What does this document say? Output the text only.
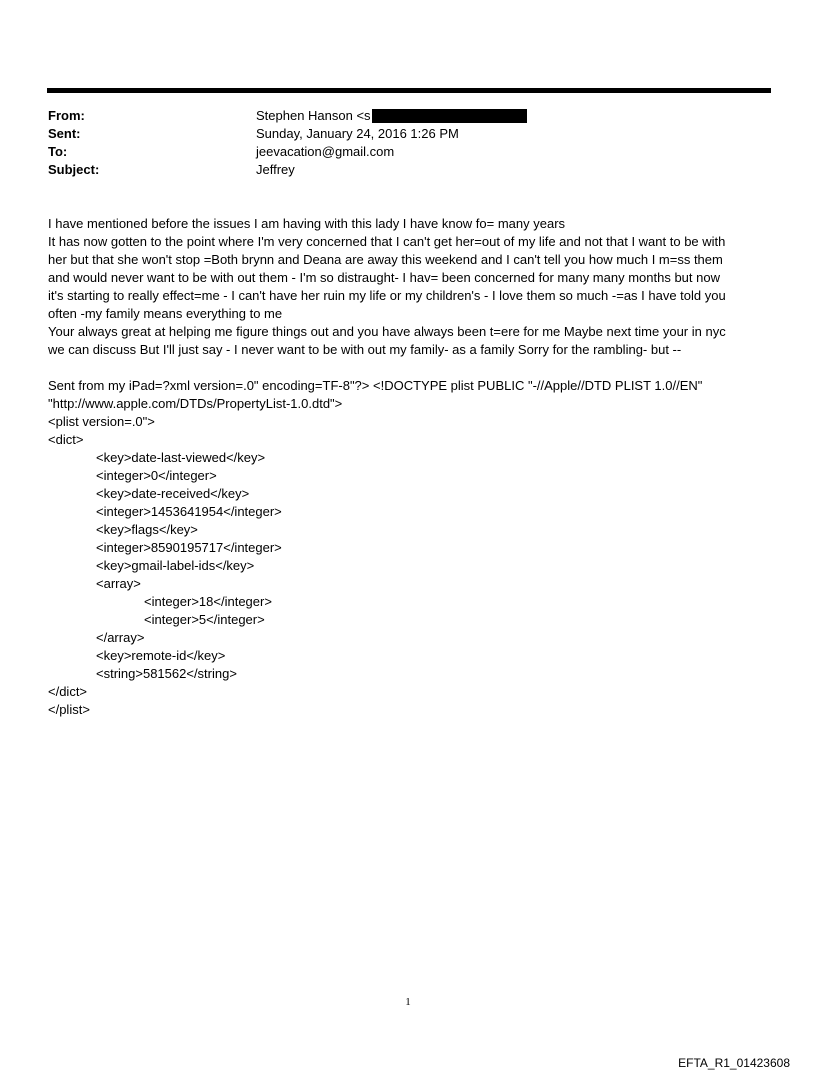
From:	Stephen Hanson <s
Sent:	Sunday, January 24, 2016 1:26 PM
To:	jeevacation@gmail.com
Subject:	Jeffrey

I have mentioned before the issues I am having with this lady I have know fo= many years

It has now gotten to the point where I'm very concerned that I can't get her=out of my life and not that I want to be with

her but that she won't stop =Both brynn and Deana are away this weekend and I can't tell you how much I m=ss them

and would never want to be with out them - I'm so distraught- I hav= been concerned for many many months but now

it's starting to really effect=me - I can't have her ruin my life or my children's - I love them so much -=as I have told you

often -my family means everything to me

Your always great at helping me figure things out and you have always been t=ere for me Maybe next time your in nyc

we can discuss But I'll just say - I never want to be with out my family- as a family Sorry for the rambling- but --

Sent from my iPad=?xml version=.0" encoding=TF-8"?> <!DOCTYPE plist PUBLIC "-//Apple//DTD PLIST 1.0//EN"

"http://www.apple.com/DTDs/PropertyList-1.0.dtd">

<plist version=.0">

<dict>

<key>date-last-viewed</key>

<integer>0</integer>

<key>date-received</key>

<integer>1453641954</integer>

<key>flags</key>

<integer>8590195717</integer>

<key>gmail-label-ids</key>

<array>

<integer>18</integer>

<integer>5</integer>

</array>

<key>remote-id</key>

<string>581562</string>

</dict>

</plist>

1
EFTA_R1_01423608
